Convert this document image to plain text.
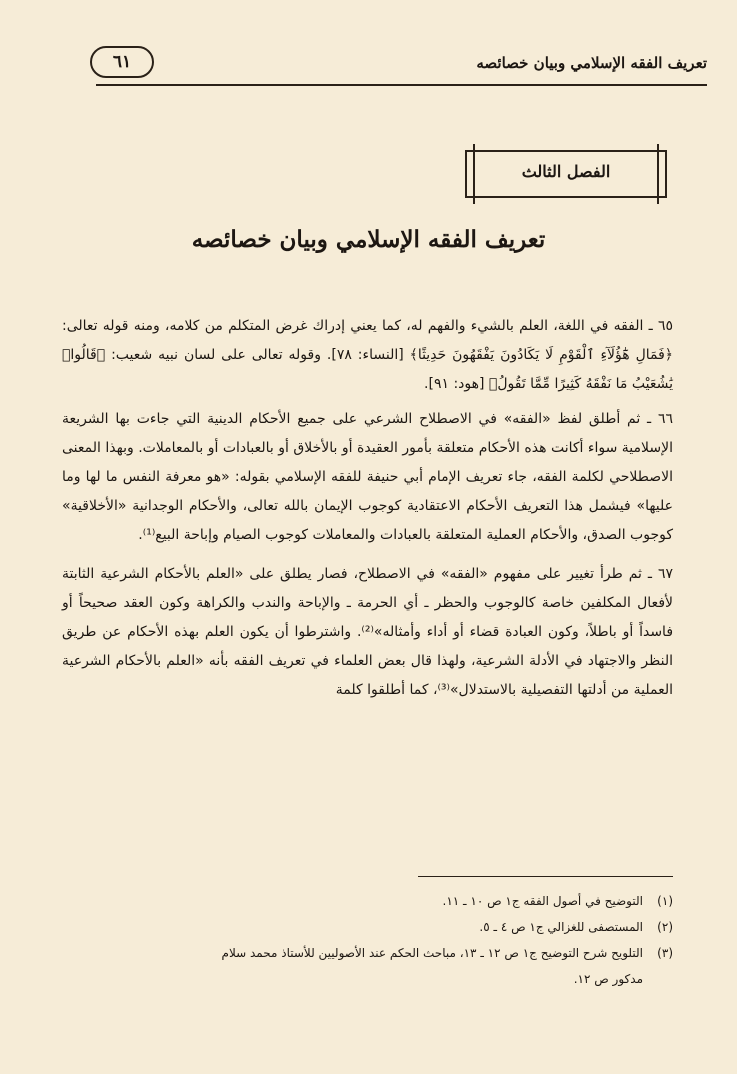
تعريف الفقه الإسلامي وبيان خصائصه
٦١
الفصل الثالث
تعريف الفقه الإسلامي وبيان خصائصه

٦٥ ـ الفقه في اللغة، العلم بالشيء والفهم له، كما يعني إدراك غرض المتكلم من كلامه، ومنه قوله تعالى: ﴿فَمَالِ هَٰٓؤُلَآءِ ٱلْقَوْمِ لَا يَكَادُونَ يَفْقَهُونَ حَدِيثًا﴾ [النساء: ٧٨]. وقوله تعالى على لسان نبيه شعيب: ﴿قَالُوا۟ يَٰشُعَيْبُ مَا نَفْقَهُ كَثِيرًا مِّمَّا تَقُولُ﴾ [هود: ٩١].

٦٦ ـ ثم أطلق لفظ «الفقه» في الاصطلاح الشرعي على جميع الأحكام الدينية التي جاءت بها الشريعة الإسلامية سواء أكانت هذه الأحكام متعلقة بأمور العقيدة أو بالأخلاق أو بالعبادات أو بالمعاملات. وبهذا المعنى الاصطلاحي لكلمة الفقه، جاء تعريف الإمام أبي حنيفة للفقه الإسلامي بقوله: «هو معرفة النفس ما لها وما عليها» فيشمل هذا التعريف الأحكام الاعتقادية كوجوب الإيمان بالله تعالى، والأحكام الوجدانية «الأخلاقية» كوجوب الصدق، والأحكام العملية المتعلقة بالعبادات والمعاملات كوجوب الصيام وإباحة البيع⁽¹⁾.

٦٧ ـ ثم طرأ تغيير على مفهوم «الفقه» في الاصطلاح، فصار يطلق على «العلم بالأحكام الشرعية الثابتة لأفعال المكلفين خاصة كالوجوب والحظر ـ أي الحرمة ـ والإباحة والندب والكراهة وكون العقد صحيحاً أو فاسداً أو باطلاً، وكون العبادة قضاء أو أداء وأمثاله»⁽²⁾. واشترطوا أن يكون العلم بهذه الأحكام عن طريق النظر والاجتهاد في الأدلة الشرعية، ولهذا قال بعض العلماء في تعريف الفقه بأنه «العلم بالأحكام الشرعية العملية من أدلتها التفصيلية بالاستدلال»⁽³⁾، كما أطلقوا كلمة

(١)
التوضيح في أصول الفقه ج١ ص ١٠ ـ ١١.
(٢)
المستصفى للغزالي ج١ ص ٤ ـ ٥.
(٣)
التلويح شرح التوضيح ج١ ص ١٢ ـ ١٣، مباحث الحكم عند الأصوليين للأستاذ محمد سلام
مدكور ص ١٢.
